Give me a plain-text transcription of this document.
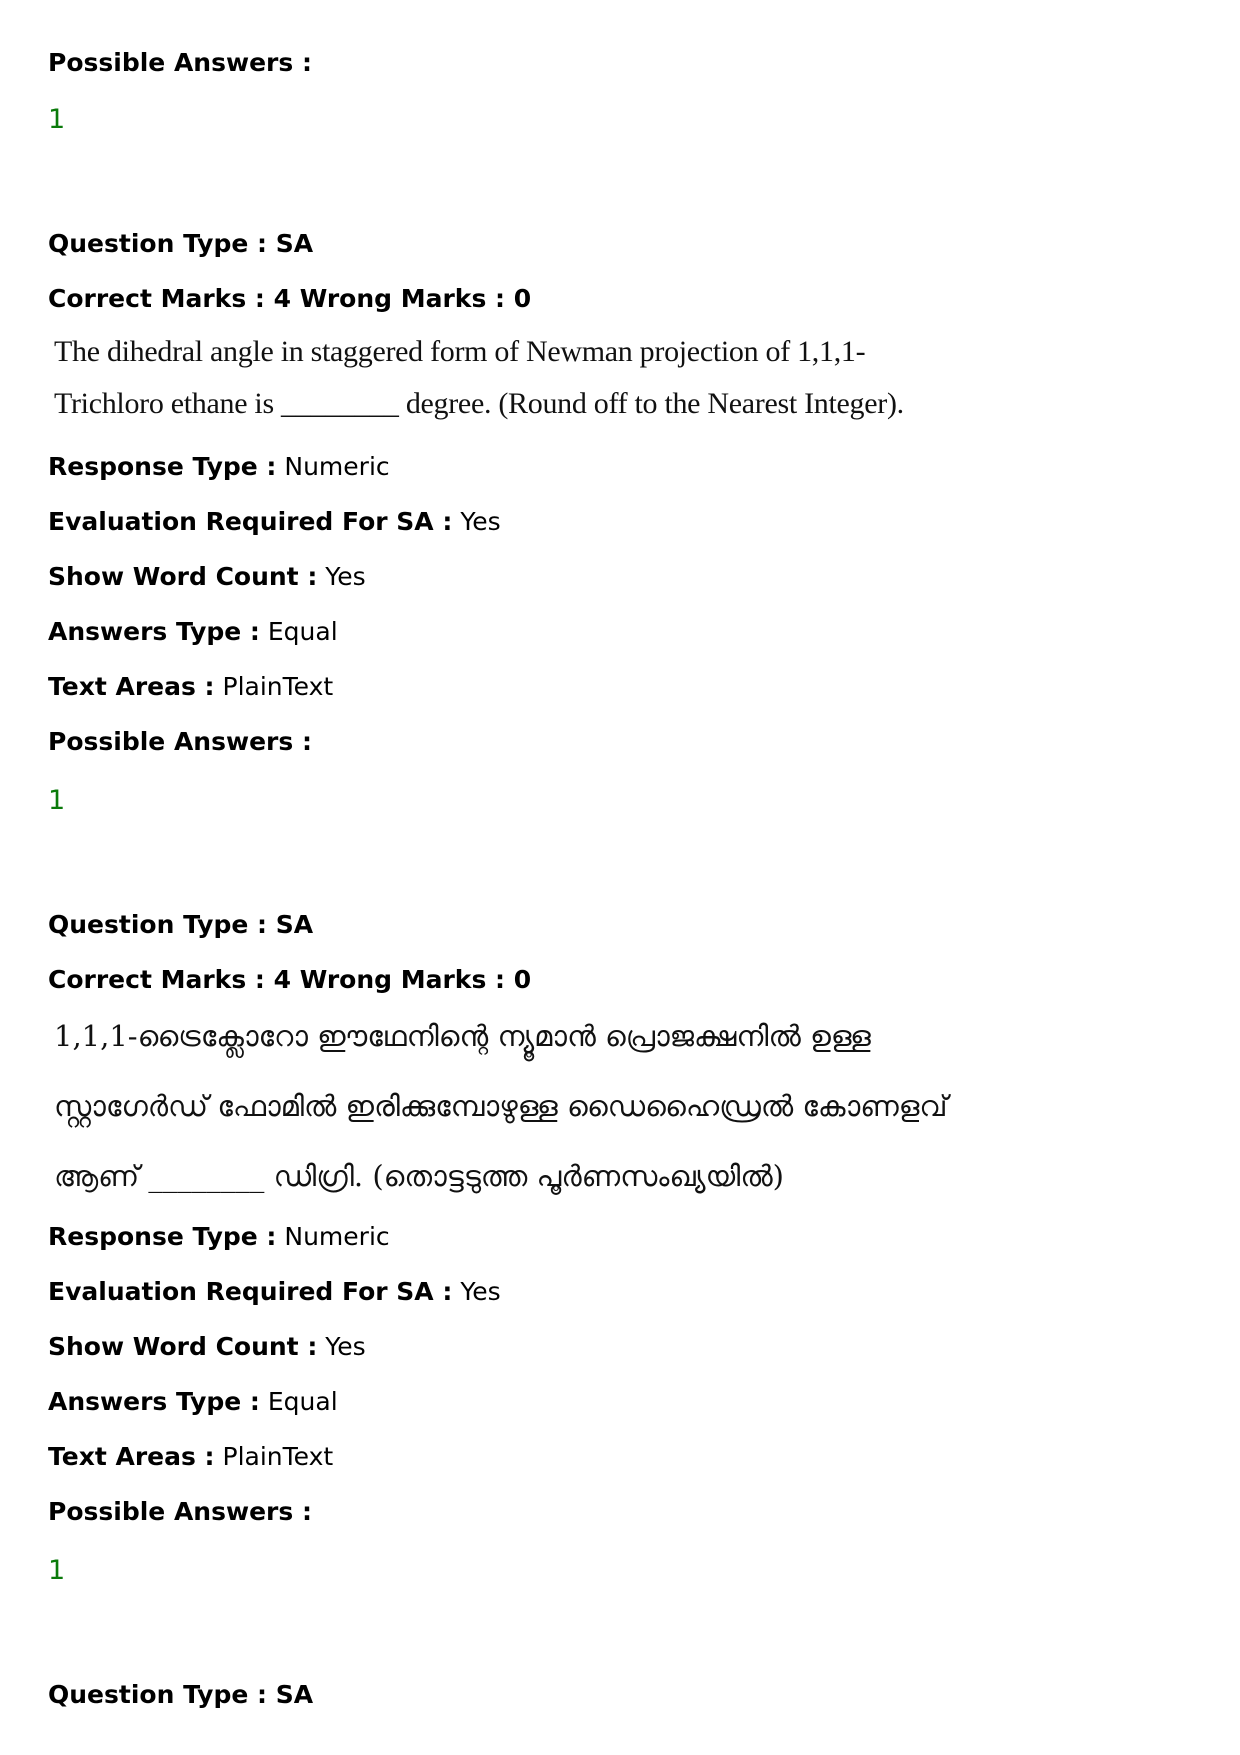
Possible Answers :
1
Question Type : SA
Correct Marks : 4 Wrong Marks : 0
The dihedral angle in staggered form of Newman projection of 1,1,1-Trichloro ethane is ________ degree. (Round off to the Nearest Integer).
Response Type : Numeric
Evaluation Required For SA : Yes
Show Word Count : Yes
Answers Type : Equal
Text Areas : PlainText
Possible Answers :
1
Question Type : SA
Correct Marks : 4 Wrong Marks : 0
1,1,1-ട്രൈക്ലോറോ ഈഥേനിന്റെ ന്യൂമാൻ പ്രൊജക്ഷനിൽ ഉള്ള സ്റ്റാഗേർഡ് ഫോമിൽ ഇരിക്കുമ്പോഴുള്ള ഡൈഹൈഡ്രൽ കോണളവ് ആണ് ________ ഡിഗ്രി. (തൊട്ടടുത്ത പൂർണസംഖ്യയിൽ)
Response Type : Numeric
Evaluation Required For SA : Yes
Show Word Count : Yes
Answers Type : Equal
Text Areas : PlainText
Possible Answers :
1
Question Type : SA
